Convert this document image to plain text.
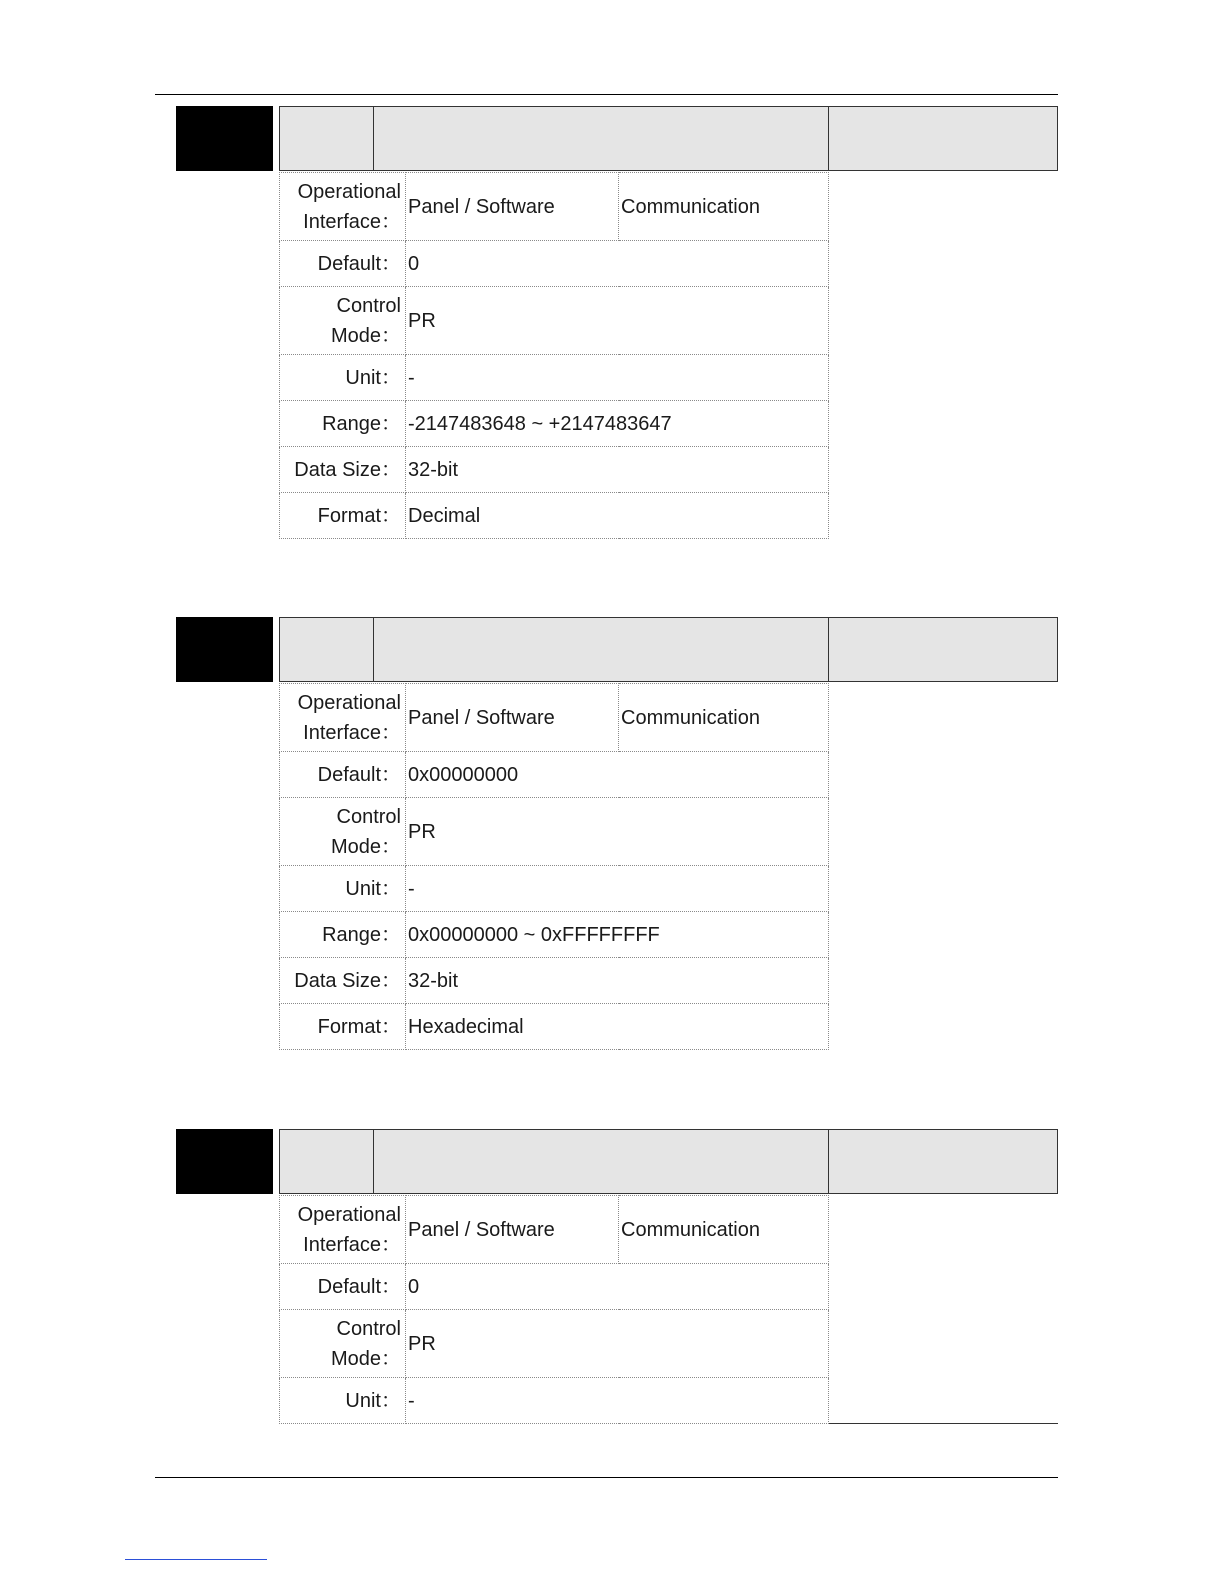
Operational
Interface：	Panel / Software	Communication
Default：	0	
Control
Mode：	PR	
Unit：	-	
Range：	-2147483648 ~ +2147483647	
Data Size：	32-bit	
Format：	Decimal	
Operational
Interface：	Panel / Software	Communication
Default：	0x00000000	
Control
Mode：	PR	
Unit：	-	
Range：	0x00000000 ~ 0xFFFFFFFF	
Data Size：	32-bit	
Format：	Hexadecimal	
Operational
Interface：	Panel / Software	Communication
Default：	0	
Control
Mode：	PR	
Unit：	-	
